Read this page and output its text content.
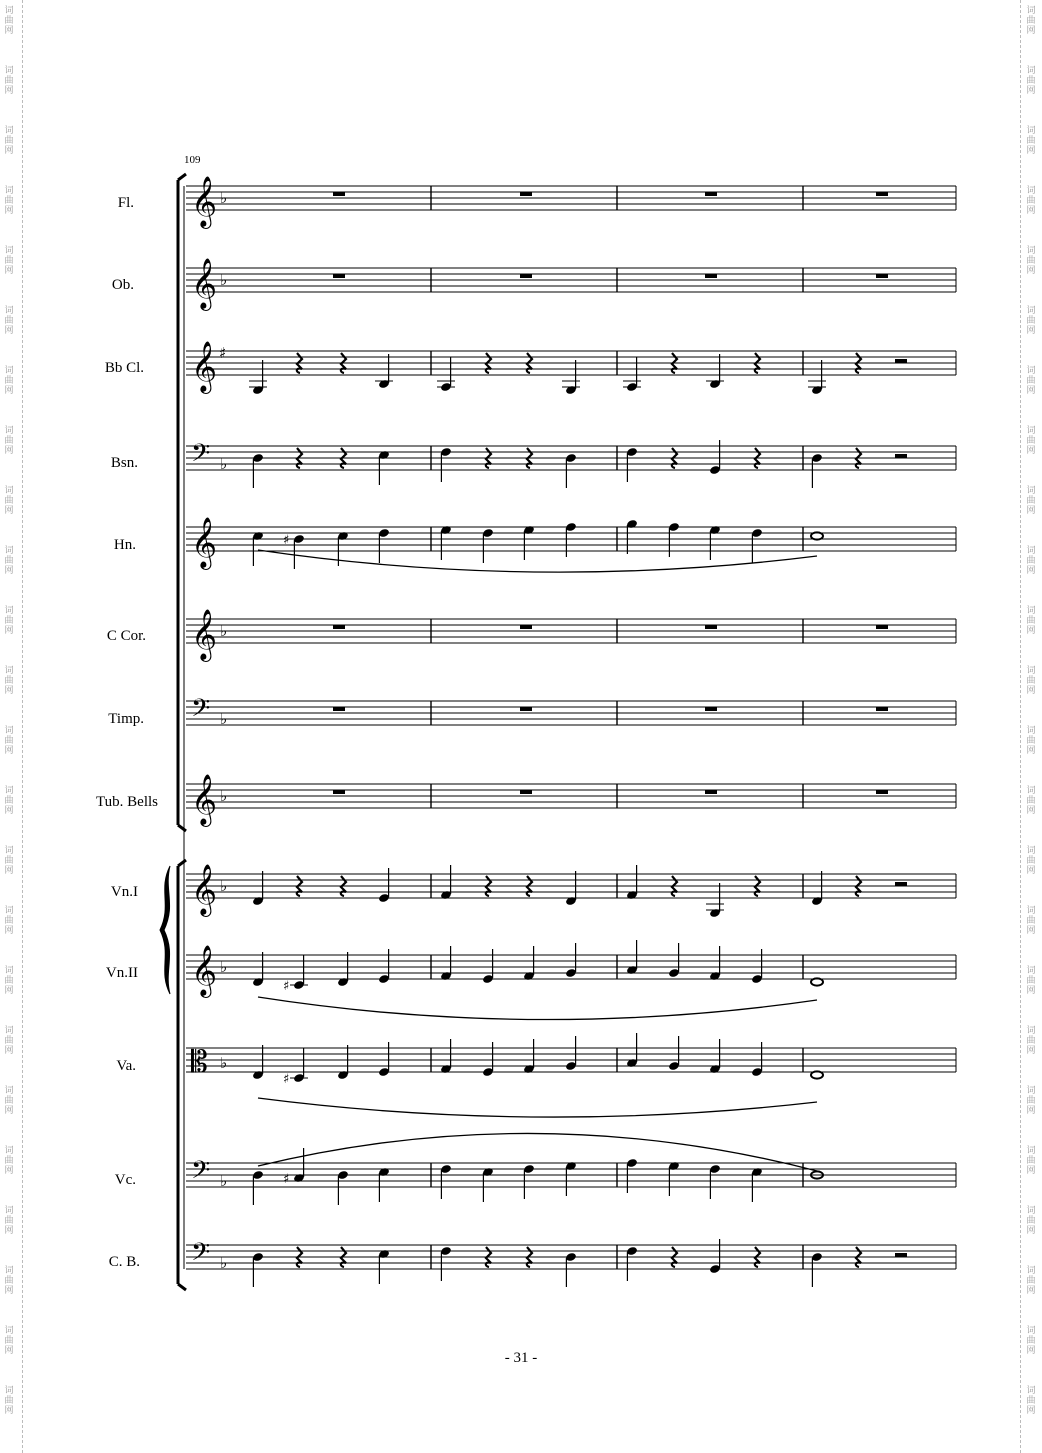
109
Fl.
Ob.
Bb Cl.
Bsn.
Hn.
C Cor.
Timp.
Tub. Bells
Vn.I
Vn.II
Va.
Vc.
C. B.
𝄞 ♭
𝄞 ♭
𝄞 ♯
𝄢 ♭
𝄞	♯
𝄞 ♭
𝄢 ♭
𝄞 ♭
𝄞 ♭
𝄞 ♭
♯
𝄡 ♭
♯
𝄢 ♭	♯
𝄢 ♭
- 31 -
词
曲
网
词
曲
网
词
曲
网
词
曲
网
词
曲
网
词
曲
网
词
曲
网
词
曲
网
词
曲
网
词
曲
网
词
曲
网
词
曲
网
词
曲
网
词
曲
网
词
曲
网
词
曲
网
词
曲
网
词
曲
网
词
曲
网
词
曲
网
词
曲
网
词
曲
网
词
曲
网
词
曲
网
词
曲
网
词
曲
网
词
曲
网
词
曲
网
词
曲
网
词
曲
网
词
曲
网
词
曲
网
词
曲
网
词
曲
网
词
曲
网
词
曲
网
词
曲
网
词
曲
网
词
曲
网
词
曲
网
词
曲
网
词
曲
网
词
曲
网
词
曲
网
词
曲
网
词
曲
网
词
曲
网
词
曲
网
